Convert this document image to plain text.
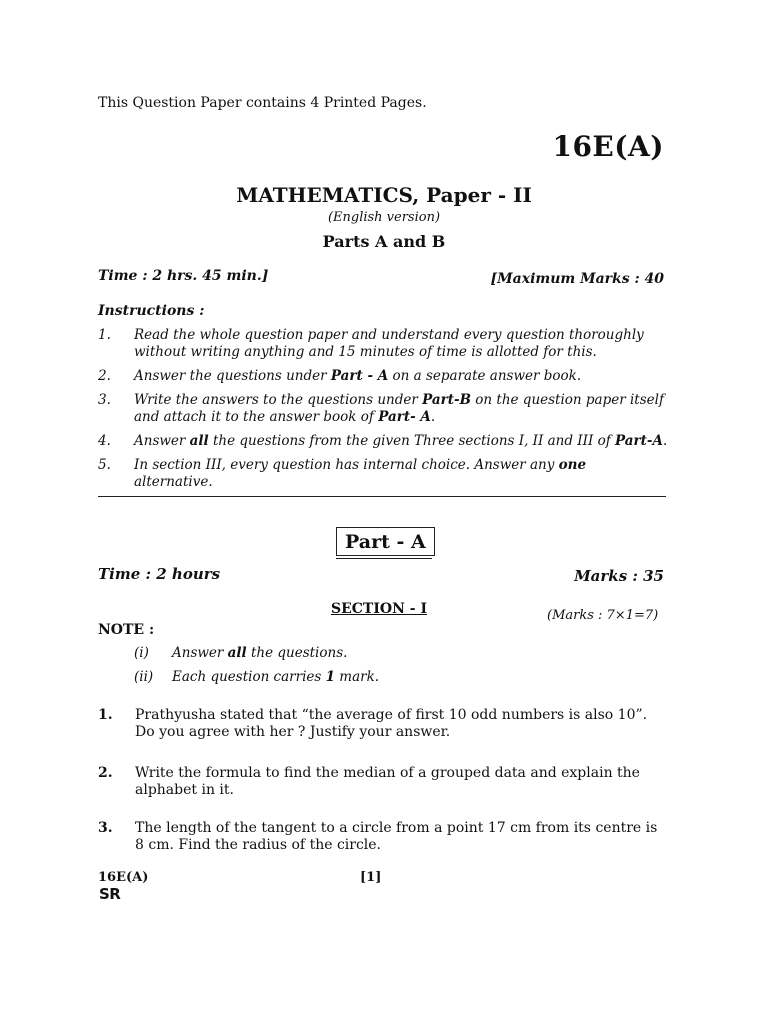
This Question Paper contains 4 Printed Pages.
16E(A)
MATHEMATICS, Paper - II
(English version)
Parts A and B
Time : 2 hrs. 45 min.]	[Maximum Marks : 40
Instructions :
1. Read the whole question paper and understand every question thoroughly without writing anything and 15 minutes of time is allotted for this.
2. Answer the questions under Part - A on a separate answer book.
3. Write the answers to the questions under Part-B on the question paper itself and attach it to the answer book of Part- A.
4. Answer all the questions from the given Three sections I, II and III of Part-A.
5. In section III, every question has internal choice. Answer any one alternative.
Part - A
Time : 2 hours	Marks : 35
SECTION - I	(Marks : 7×1=7)
NOTE :
(i) Answer all the questions.
(ii) Each question carries 1 mark.
1.	Prathyusha stated that “the average of first 10 odd numbers is also 10”. Do you agree with her ? Justify your answer.
2.	Write the formula to find the median of a grouped data and explain the alphabet in it.
3.	The length of the tangent to a circle from a point 17 cm from its centre is 8 cm. Find the radius of the circle.
16E(A)	[1]
SR
